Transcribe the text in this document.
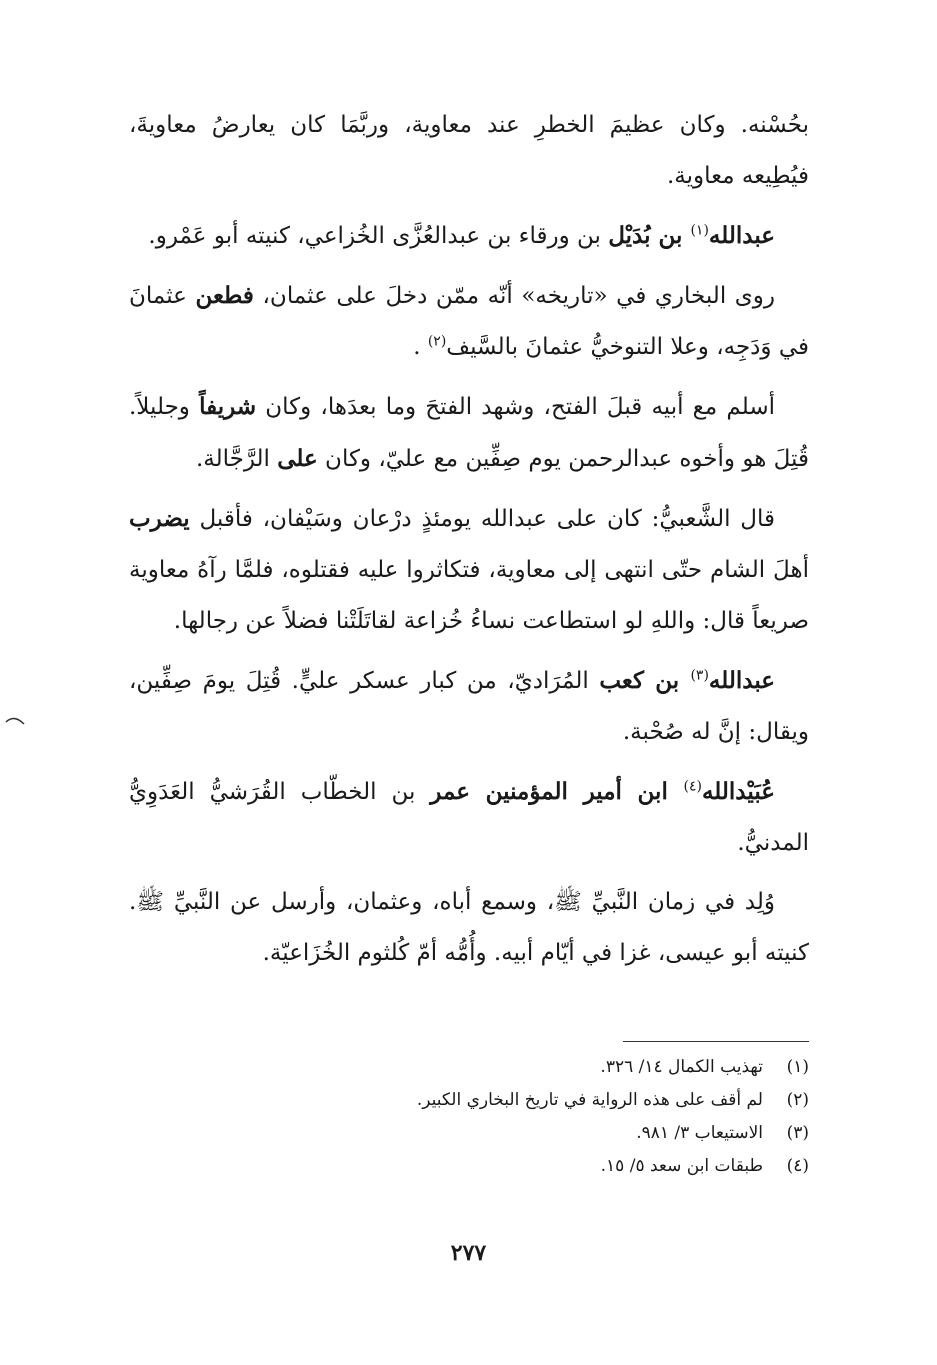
بحُسْنه. وكان عظيمَ الخطرِ عند معاوية، وربَّمَا كان يعارضُ معاويةَ، فيُطِيعه معاوية.

عبدالله$^{(١)}$ بن بُدَيْل بن ورقاء بن عبدالعُزَّى الخُزاعي، كنيته أبو عَمْرو.

روى البخاري في «تاريخه» أنّه ممّن دخلَ على عثمان، فطعن عثمانَ في وَدَجِه، وعلا التنوخيُّ عثمانَ بالسَّيف$^{(٢)}$ .

أسلم مع أبيه قبلَ الفتح، وشهد الفتحَ وما بعدَها، وكان شريفاً وجليلاً. قُتِلَ هو وأخوه عبدالرحمن يوم صِفِّين مع عليّ، وكان على الرَّجَّالة.

قال الشَّعبيُّ: كان على عبدالله يومئذٍ درْعان وسَيْفان، فأقبل يضرب أهلَ الشام حتّى انتهى إلى معاوية، فتكاثروا عليه فقتلوه، فلمَّا رآهُ معاوية صريعاً قال: واللهِ لو استطاعت نساءُ خُزاعة لقاتَلَتْنا فضلاً عن رجالها.

عبدالله$^{(٣)}$ بن كعب المُرَاديّ، من كبار عسكر عليٍّ. قُتِلَ يومَ صِفِّين، ويقال: إنَّ له صُحْبة.

عُبَيْدالله$^{(٤)}$ ابن أمير المؤمنين عمر بن الخطّاب القُرَشيُّ العَدَوِيُّ المدنيُّ.

وُلِد في زمان النَّبيِّ ﷺ، وسمع أباه، وعثمان، وأرسل عن النَّبيِّ ﷺ. كنيته أبو عيسى، غزا في أيّام أبيه. وأُمُّه أمّ كُلثوم الخُزَاعيّة.

(١)
تهذيب الكمال ١٤/ ٣٢٦.
(٢)
لم أقف على هذه الرواية في تاريخ البخاري الكبير.
(٣)
الاستيعاب ٣/ ٩٨١.
(٤)
طبقات ابن سعد ٥/ ١٥.
٢٧٧
